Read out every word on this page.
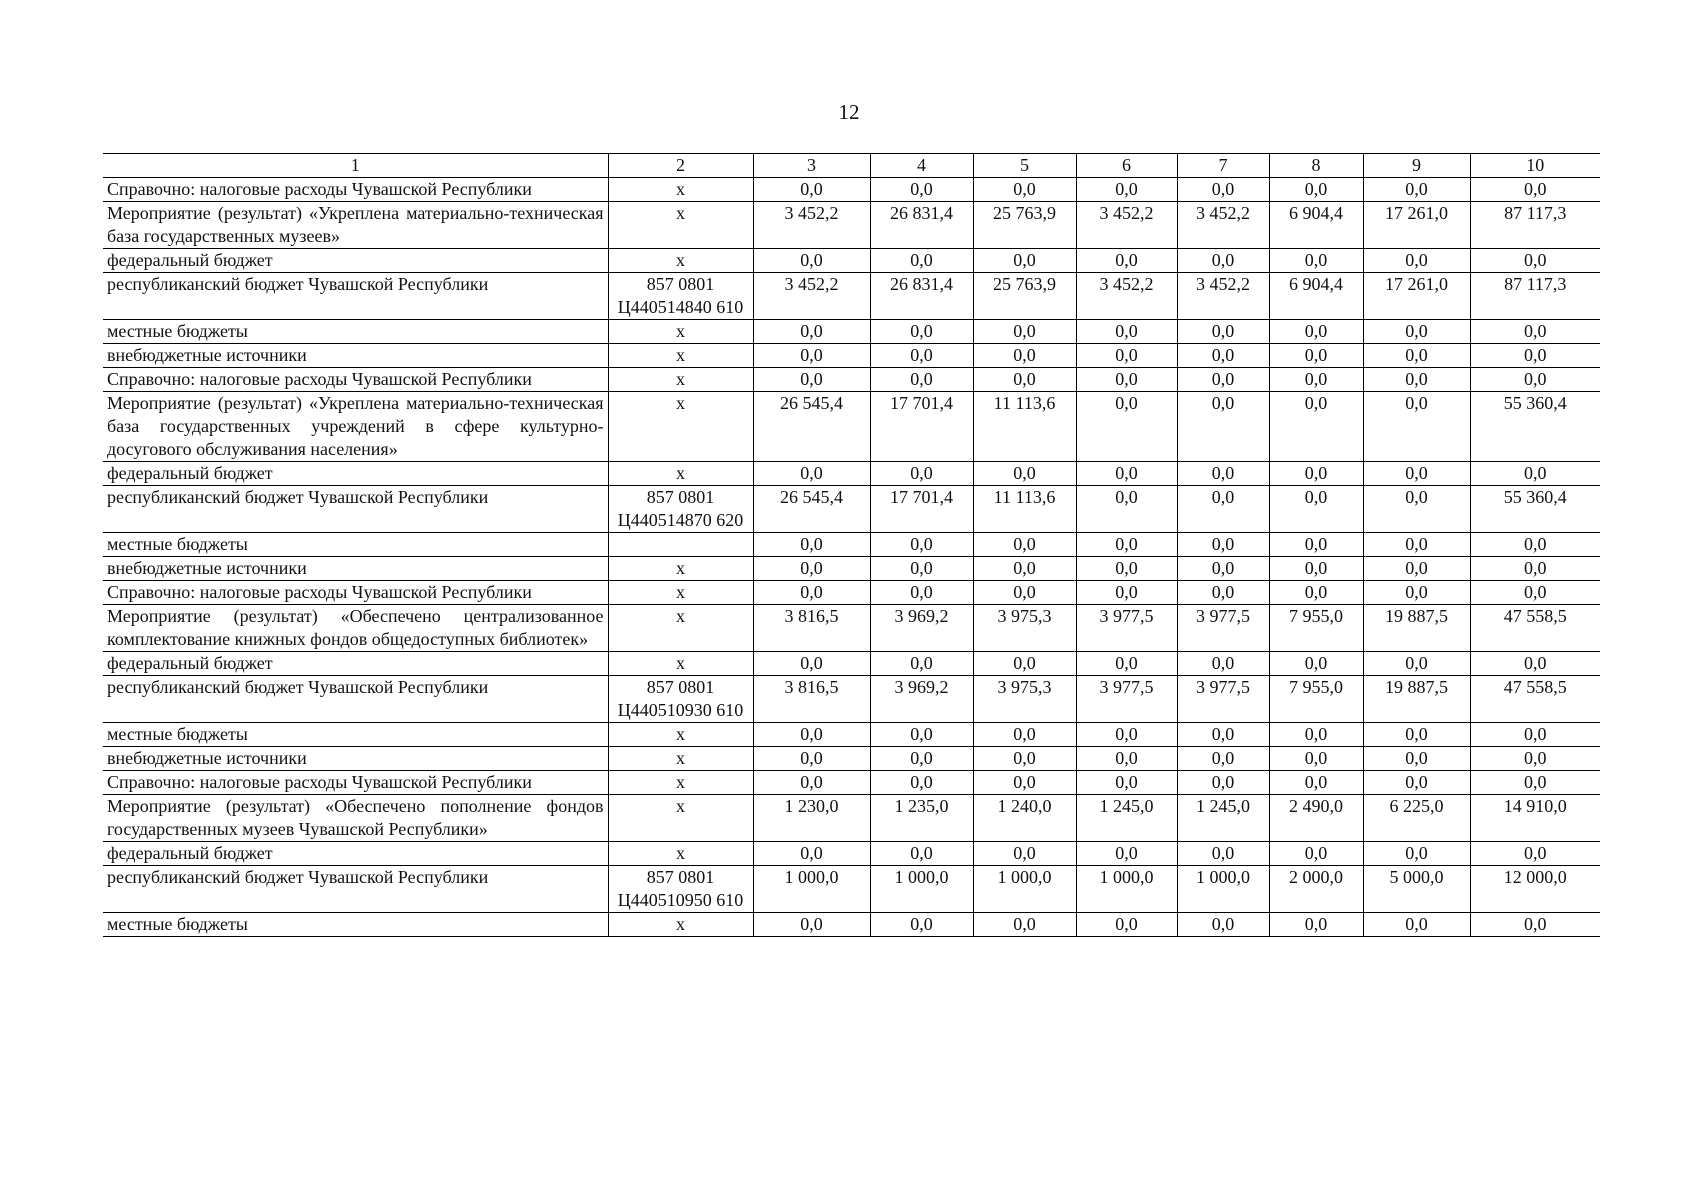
12
1	2	3	4	5	6	7	8	9	10
Справочно: налоговые расходы Чувашской Республики	х	0,0	0,0	0,0	0,0	0,0	0,0	0,0	0,0
Мероприятие (результат) «Укреплена материально-техническая база государственных музеев»	х	3 452,2	26 831,4	25 763,9	3 452,2	3 452,2	6 904,4	17 261,0	87 117,3
федеральный бюджет	х	0,0	0,0	0,0	0,0	0,0	0,0	0,0	0,0
республиканский бюджет Чувашской Республики	857 0801 Ц440514840 610	3 452,2	26 831,4	25 763,9	3 452,2	3 452,2	6 904,4	17 261,0	87 117,3
местные бюджеты	х	0,0	0,0	0,0	0,0	0,0	0,0	0,0	0,0
внебюджетные источники	х	0,0	0,0	0,0	0,0	0,0	0,0	0,0	0,0
Справочно: налоговые расходы Чувашской Республики	х	0,0	0,0	0,0	0,0	0,0	0,0	0,0	0,0
Мероприятие (результат) «Укреплена материально-техническая база государственных учреждений в сфере культурно-досугового обслуживания населения»	х	26 545,4	17 701,4	11 113,6	0,0	0,0	0,0	0,0	55 360,4
федеральный бюджет	х	0,0	0,0	0,0	0,0	0,0	0,0	0,0	0,0
республиканский бюджет Чувашской Республики	857 0801 Ц440514870 620	26 545,4	17 701,4	11 113,6	0,0	0,0	0,0	0,0	55 360,4
местные бюджеты		0,0	0,0	0,0	0,0	0,0	0,0	0,0	0,0
внебюджетные источники	х	0,0	0,0	0,0	0,0	0,0	0,0	0,0	0,0
Справочно: налоговые расходы Чувашской Республики	х	0,0	0,0	0,0	0,0	0,0	0,0	0,0	0,0
Мероприятие (результат) «Обеспечено централизованное комплектование книжных фондов общедоступных библиотек»	х	3 816,5	3 969,2	3 975,3	3 977,5	3 977,5	7 955,0	19 887,5	47 558,5
федеральный бюджет	х	0,0	0,0	0,0	0,0	0,0	0,0	0,0	0,0
республиканский бюджет Чувашской Республики	857 0801 Ц440510930 610	3 816,5	3 969,2	3 975,3	3 977,5	3 977,5	7 955,0	19 887,5	47 558,5
местные бюджеты	х	0,0	0,0	0,0	0,0	0,0	0,0	0,0	0,0
внебюджетные источники	х	0,0	0,0	0,0	0,0	0,0	0,0	0,0	0,0
Справочно: налоговые расходы Чувашской Республики	х	0,0	0,0	0,0	0,0	0,0	0,0	0,0	0,0
Мероприятие (результат) «Обеспечено пополнение фондов государственных музеев Чувашской Республики»	х	1 230,0	1 235,0	1 240,0	1 245,0	1 245,0	2 490,0	6 225,0	14 910,0
федеральный бюджет	х	0,0	0,0	0,0	0,0	0,0	0,0	0,0	0,0
республиканский бюджет Чувашской Республики	857 0801 Ц440510950 610	1 000,0	1 000,0	1 000,0	1 000,0	1 000,0	2 000,0	5 000,0	12 000,0
местные бюджеты	х	0,0	0,0	0,0	0,0	0,0	0,0	0,0	0,0
